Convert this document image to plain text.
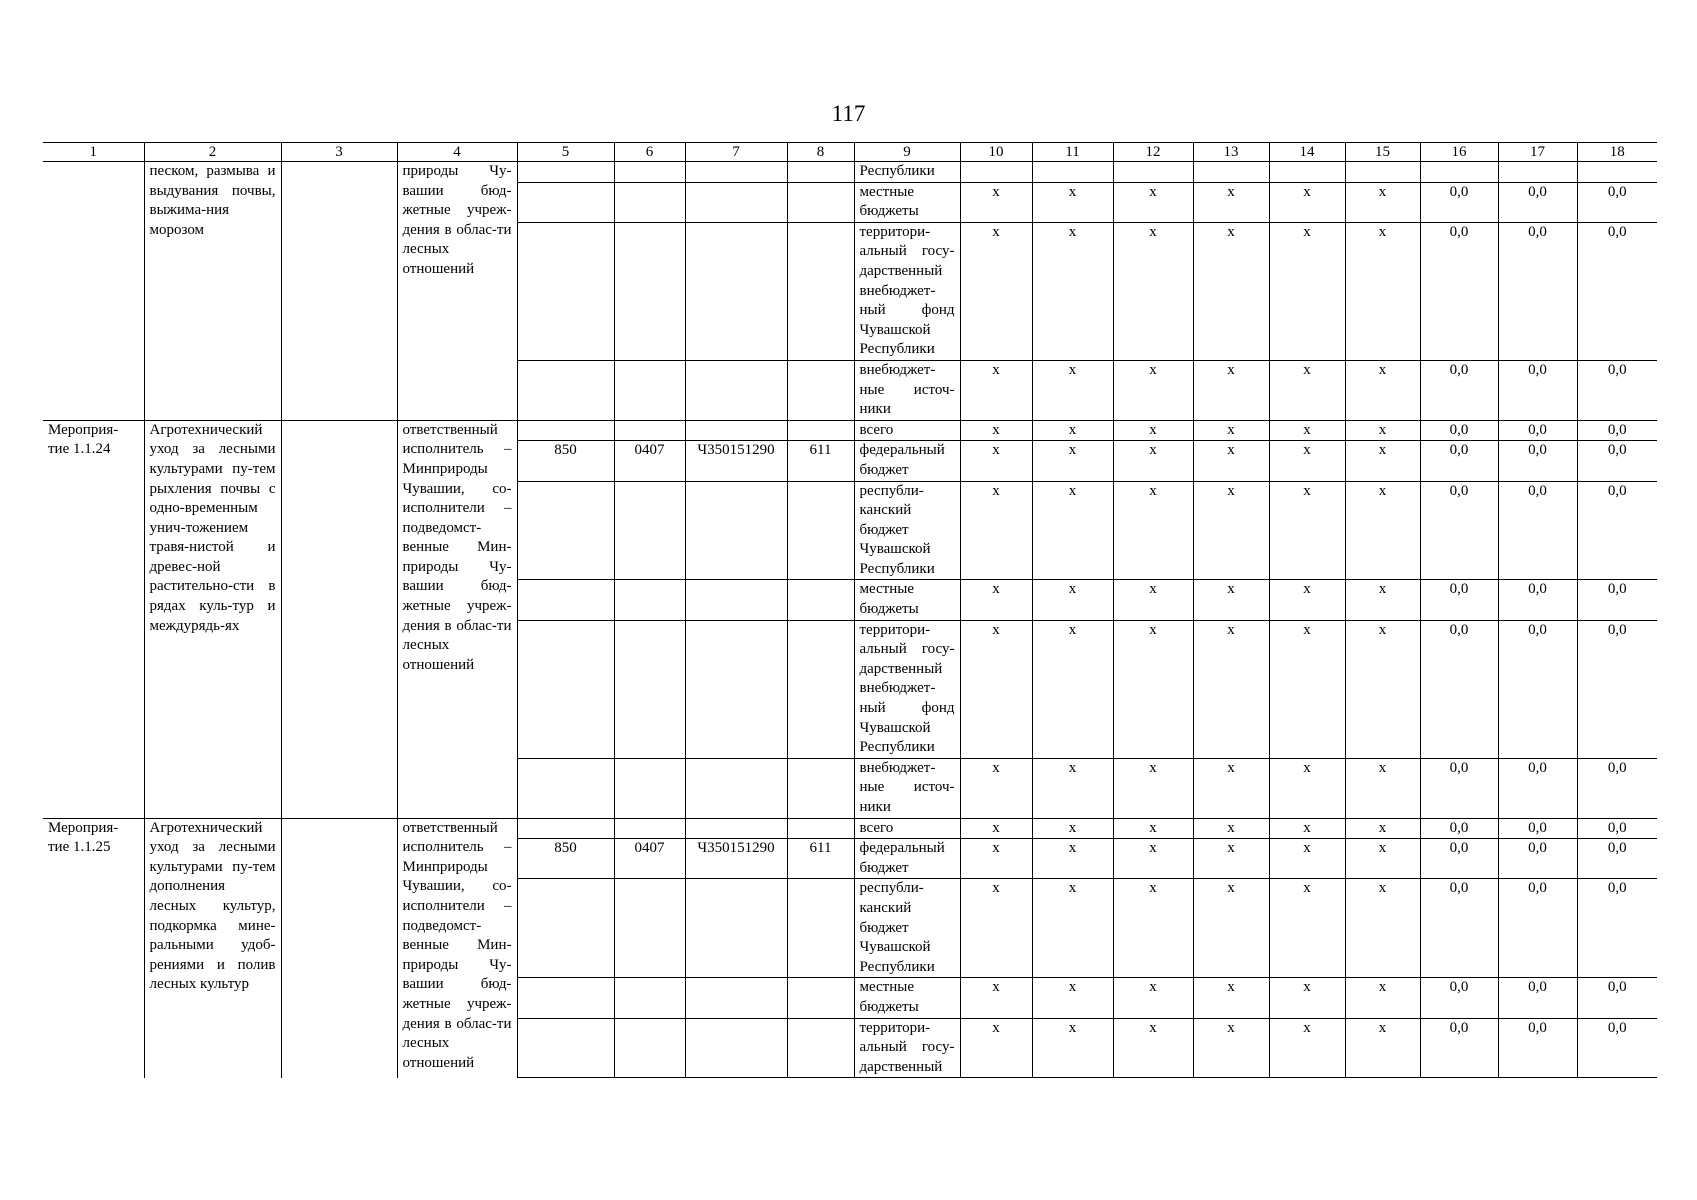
117
1	2	3	4	5	6	7	8	9	10	11	12	13	14	15	16	17	18
	песком, размыва и выдувания почвы, выжима-ния морозом		природы Чу-вашии бюд-жетные учреж-дения в облас-ти лесных отношений					Республики									
								местные бюджеты	х	х	х	х	х	х	0,0	0,0	0,0
								территори-альный госу-дарственный внебюджет-ный фонд Чувашской Республики	х	х	х	х	х	х	0,0	0,0	0,0
								внебюджет-ные источ-ники	х	х	х	х	х	х	0,0	0,0	0,0
Мероприя-тие 1.1.24	Агротехнический уход за лесными культурами пу-тем рыхления почвы с одно-временным унич-тожением травя-нистой и древес-ной растительно-сти в рядах куль-тур и междурядь-ях		ответственный исполнитель – Минприроды Чувашии, со-исполнители – подведомст-венные Мин-природы Чу-вашии бюд-жетные учреж-дения в облас-ти лесных отношений					всего	х	х	х	х	х	х	0,0	0,0	0,0
				850	0407	Ч350151290	611	федеральный бюджет	х	х	х	х	х	х	0,0	0,0	0,0
								республи-канский бюджет Чувашской Республики	х	х	х	х	х	х	0,0	0,0	0,0
								местные бюджеты	х	х	х	х	х	х	0,0	0,0	0,0
								территори-альный госу-дарственный внебюджет-ный фонд Чувашской Республики	х	х	х	х	х	х	0,0	0,0	0,0
								внебюджет-ные источ-ники	х	х	х	х	х	х	0,0	0,0	0,0
Мероприя-тие 1.1.25	Агротехнический уход за лесными культурами пу-тем дополнения лесных культур, подкормка мине-ральными удоб-рениями и полив лесных культур		ответственный исполнитель – Минприроды Чувашии, со-исполнители – подведомст-венные Мин-природы Чу-вашии бюд-жетные учреж-дения в облас-ти лесных отношений					всего	х	х	х	х	х	х	0,0	0,0	0,0
				850	0407	Ч350151290	611	федеральный бюджет	х	х	х	х	х	х	0,0	0,0	0,0
								республи-канский бюджет Чувашской Республики	х	х	х	х	х	х	0,0	0,0	0,0
								местные бюджеты	х	х	х	х	х	х	0,0	0,0	0,0
								территори-альный госу-дарственный	х	х	х	х	х	х	0,0	0,0	0,0
